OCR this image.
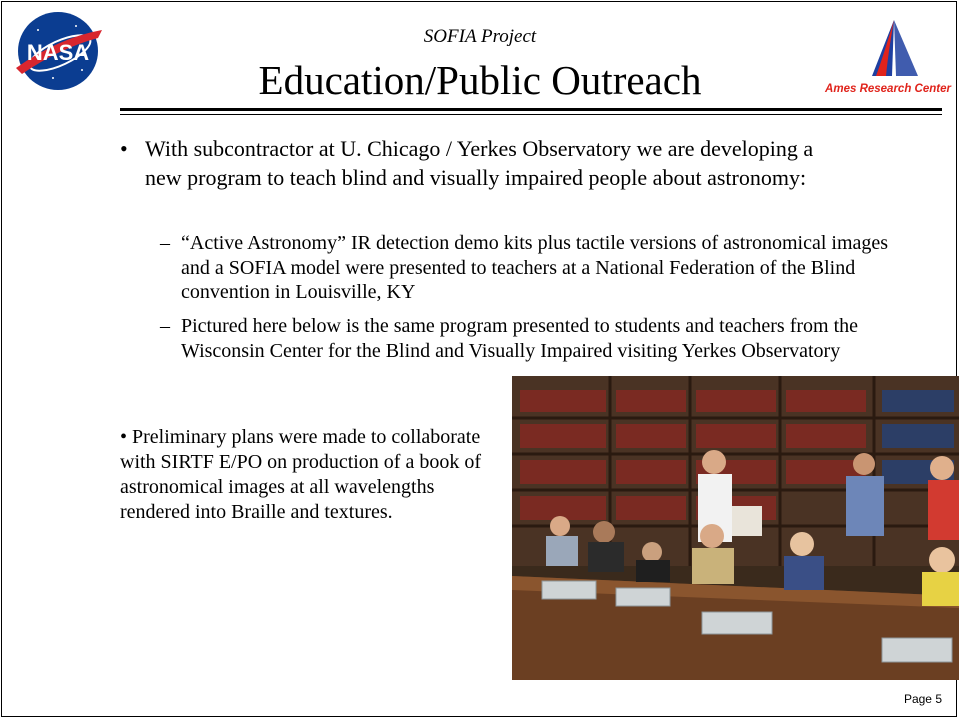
NASA
Ames Research Center
SOFIA Project
Education/Public Outreach
• With subcontractor at U. Chicago / Yerkes Observatory we are developing a new program to teach blind and visually impaired people about astronomy:
– “Active Astronomy” IR detection demo kits plus tactile versions of astronomical images and a SOFIA model were presented to teachers at a National Federation of the Blind convention in Louisville, KY
– Pictured here below is the same program presented to students and teachers from the Wisconsin Center for the Blind and Visually Impaired visiting Yerkes Observatory
• Preliminary plans were made to collaborate with SIRTF E/PO on production of a book of astronomical images at all wavelengths rendered into Braille and textures.
Page 5
